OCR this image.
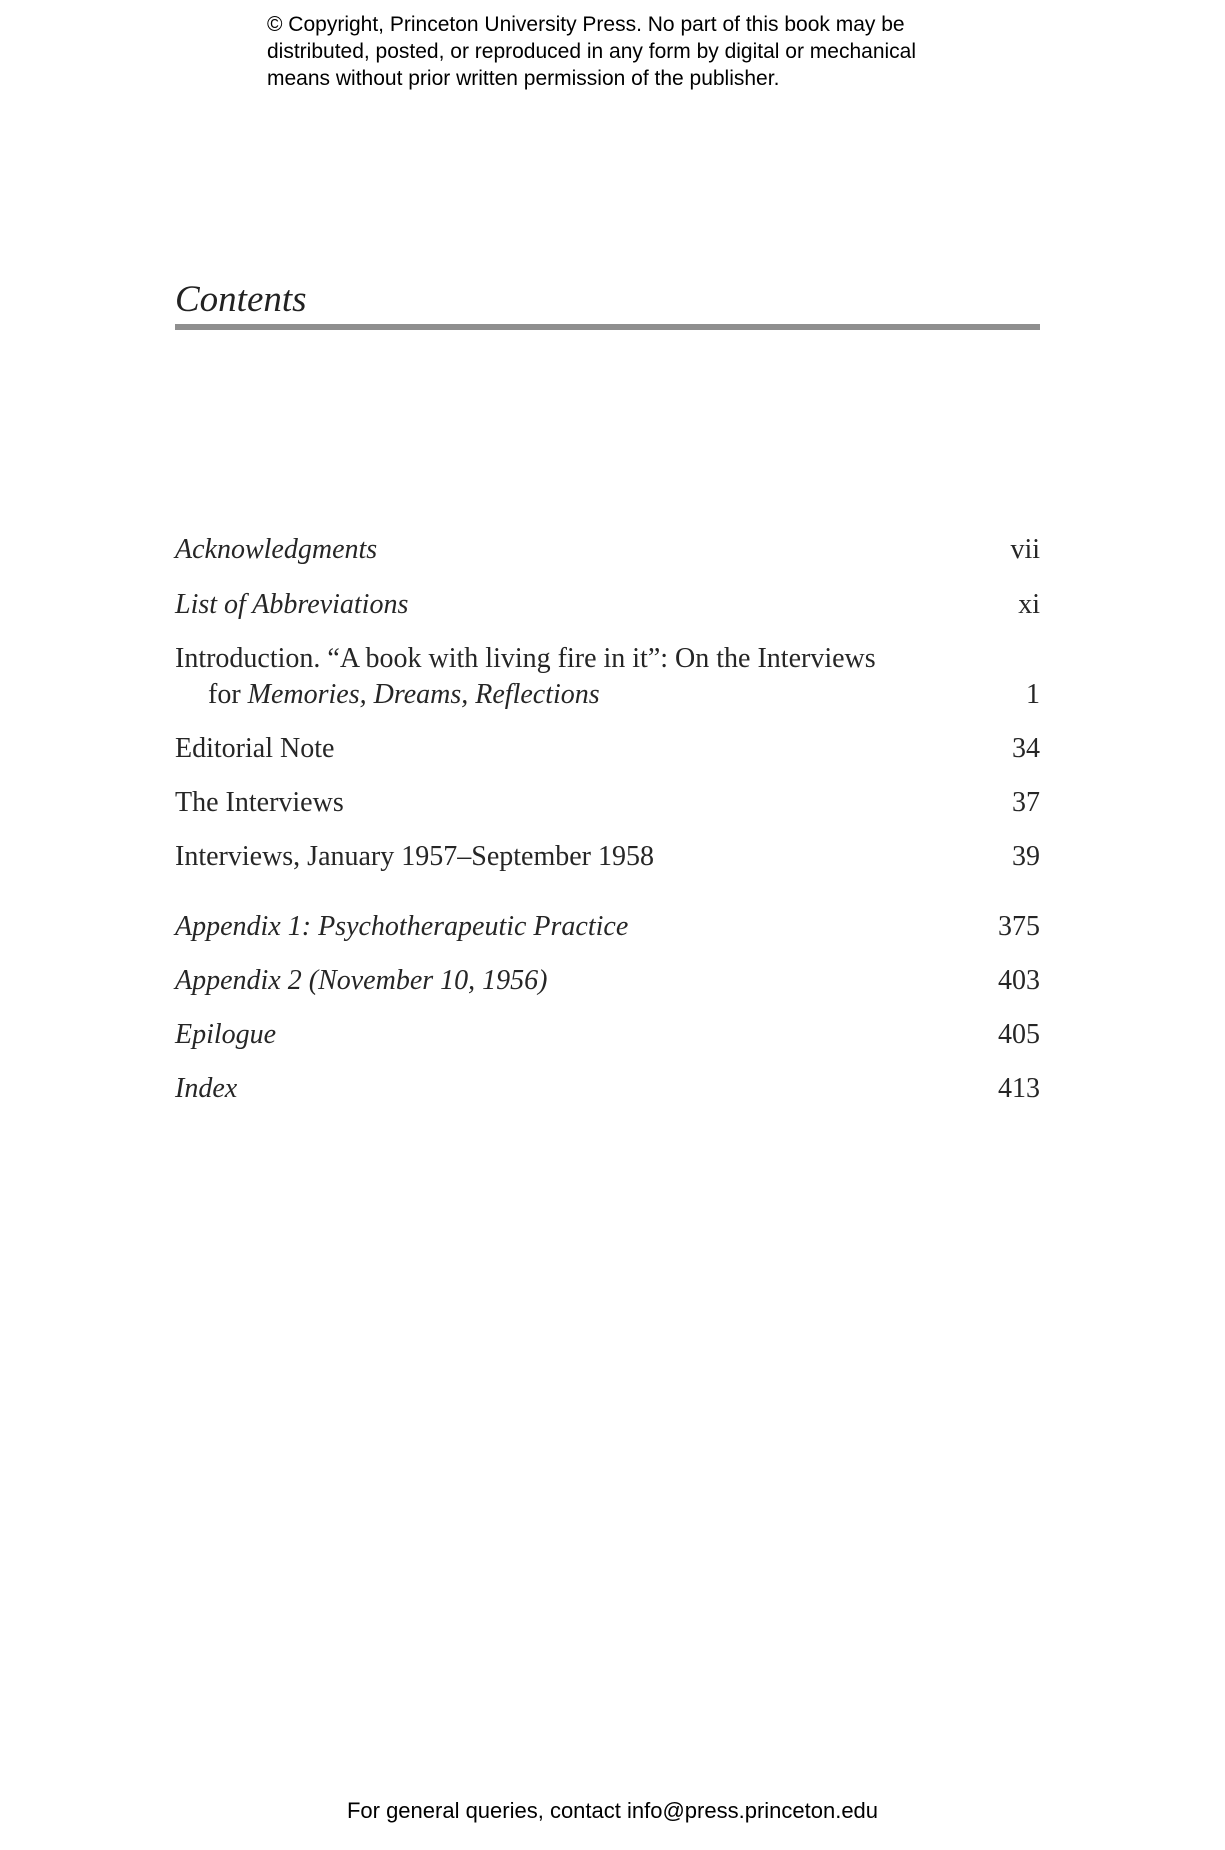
© Copyright, Princeton University Press. No part of this book may be
distributed, posted, or reproduced in any form by digital or mechanical
means without prior written permission of the publisher.
Contents
Acknowledgments	vii
List of Abbreviations	xi
Introduction. “A book with living fire in it”: On the Interviews
for Memories, Dreams, Reflections	1
Editorial Note	34
The Interviews	37
Interviews, January 1957–September 1958	39
Appendix 1: Psychotherapeutic Practice	375
Appendix 2 (November 10, 1956)	403
Epilogue	405
Index	413
For general queries, contact info@press.princeton.edu
